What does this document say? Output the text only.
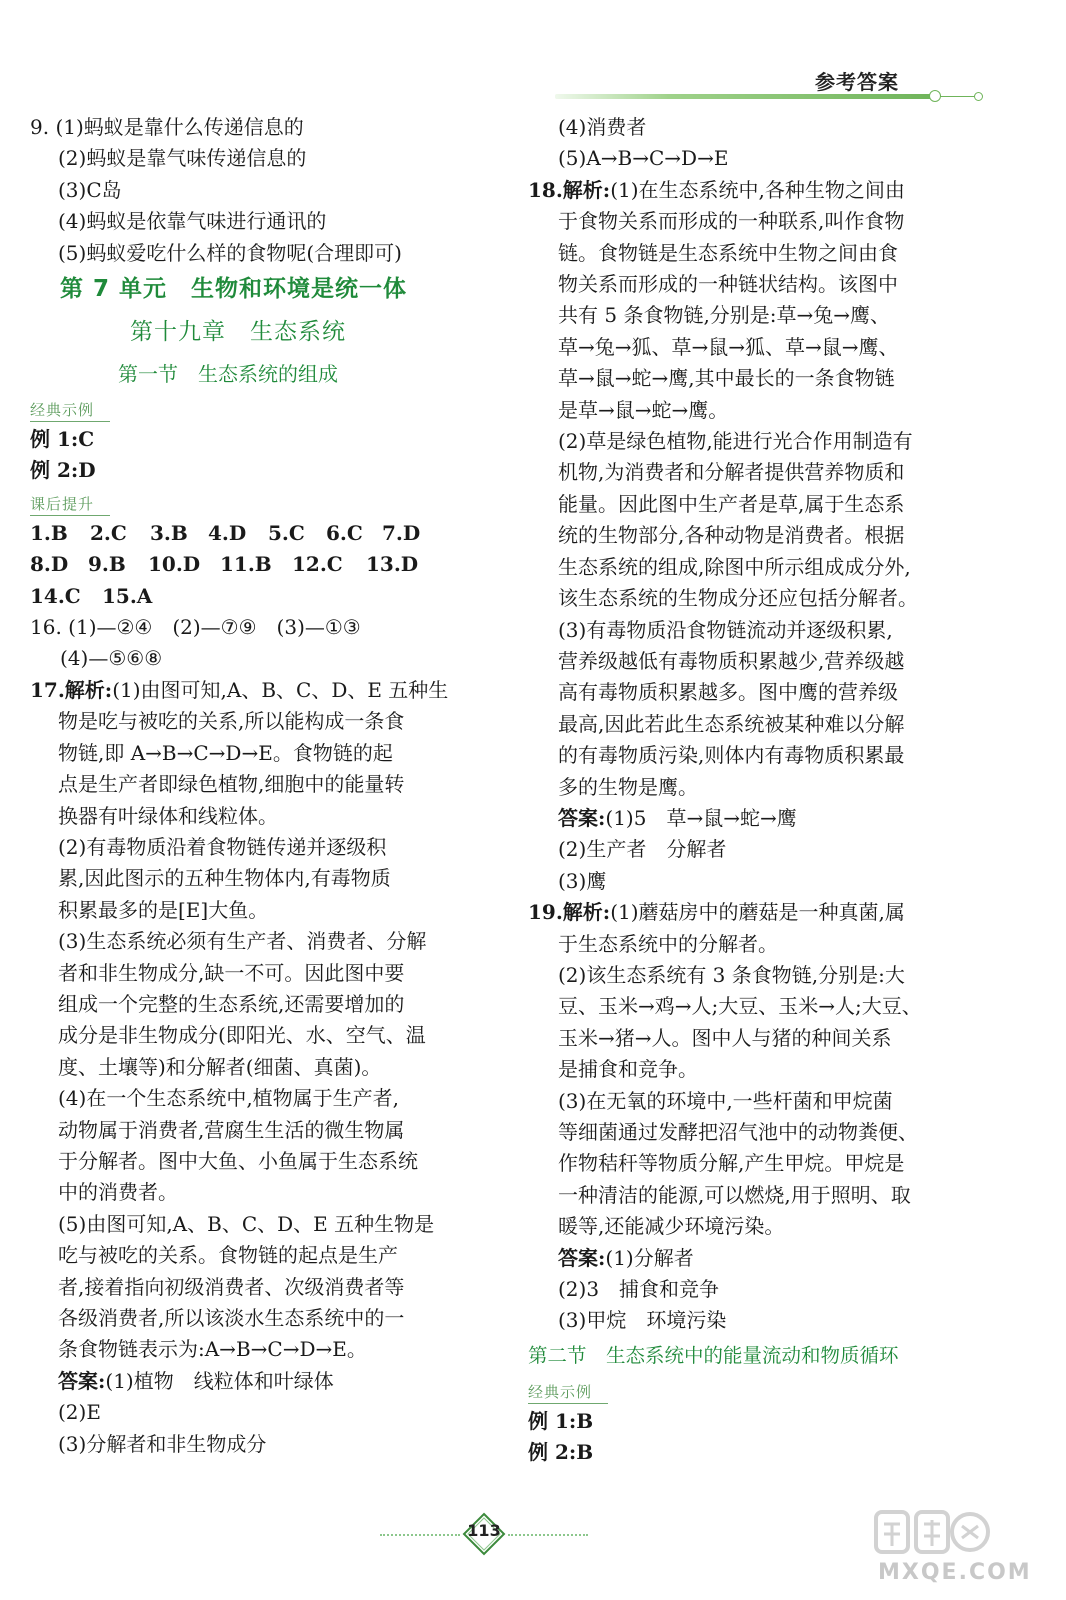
参考答案
9. (1)蚂蚁是靠什么传递信息的
(2)蚂蚁是靠气味传递信息的
(3)C岛
(4)蚂蚁是依靠气味进行通讯的
(5)蚂蚁爱吃什么样的食物呢(合理即可)
第 7 单元　生物和环境是统一体
第十九章　生态系统
第一节　生态系统的组成
经典示例
例 1:C
例 2:D
课后提升
1.B 2.C 3.B 4.D 5.C 6.C 7.D
8.D 9.B 10.D 11.B 12.C 13.D
14.C 15.A
16. (1)—②④　(2)—⑦⑨　(3)—①③
(4)—⑤⑥⑧
17.解析:(1)由图可知,A、B、C、D、E 五种生
物是吃与被吃的关系,所以能构成一条食
物链,即 A→B→C→D→E。食物链的起
点是生产者即绿色植物,细胞中的能量转
换器有叶绿体和线粒体。
(2)有毒物质沿着食物链传递并逐级积
累,因此图示的五种生物体内,有毒物质
积累最多的是[E]大鱼。
(3)生态系统必须有生产者、消费者、分解
者和非生物成分,缺一不可。因此图中要
组成一个完整的生态系统,还需要增加的
成分是非生物成分(即阳光、水、空气、温
度、土壤等)和分解者(细菌、真菌)。
(4)在一个生态系统中,植物属于生产者,
动物属于消费者,营腐生生活的微生物属
于分解者。图中大鱼、小鱼属于生态系统
中的消费者。
(5)由图可知,A、B、C、D、E 五种生物是
吃与被吃的关系。食物链的起点是生产
者,接着指向初级消费者、次级消费者等
各级消费者,所以该淡水生态系统中的一
条食物链表示为:A→B→C→D→E。
答案:(1)植物　线粒体和叶绿体
(2)E
(3)分解者和非生物成分
(4)消费者
(5)A→B→C→D→E
18.解析:(1)在生态系统中,各种生物之间由
于食物关系而形成的一种联系,叫作食物
链。食物链是生态系统中生物之间由食
物关系而形成的一种链状结构。该图中
共有 5 条食物链,分别是:草→兔→鹰、
草→兔→狐、草→鼠→狐、草→鼠→鹰、
草→鼠→蛇→鹰,其中最长的一条食物链
是草→鼠→蛇→鹰。
(2)草是绿色植物,能进行光合作用制造有
机物,为消费者和分解者提供营养物质和
能量。因此图中生产者是草,属于生态系
统的生物部分,各种动物是消费者。根据
生态系统的组成,除图中所示组成成分外,
该生态系统的生物成分还应包括分解者。
(3)有毒物质沿食物链流动并逐级积累,
营养级越低有毒物质积累越少,营养级越
高有毒物质积累越多。图中鹰的营养级
最高,因此若此生态系统被某种难以分解
的有毒物质污染,则体内有毒物质积累最
多的生物是鹰。
答案:(1)5　草→鼠→蛇→鹰
(2)生产者　分解者
(3)鹰
19.解析:(1)蘑菇房中的蘑菇是一种真菌,属
于生态系统中的分解者。
(2)该生态系统有 3 条食物链,分别是:大
豆、玉米→鸡→人;大豆、玉米→人;大豆、
玉米→猪→人。图中人与猪的种间关系
是捕食和竞争。
(3)在无氧的环境中,一些杆菌和甲烷菌
等细菌通过发酵把沼气池中的动物粪便、
作物秸秆等物质分解,产生甲烷。甲烷是
一种清洁的能源,可以燃烧,用于照明、取
暖等,还能减少环境污染。
答案:(1)分解者
(2)3　捕食和竞争
(3)甲烷　环境污染
第二节　生态系统中的能量流动和物质循环
经典示例
例 1:B
例 2:B
113
MXQE.COM
